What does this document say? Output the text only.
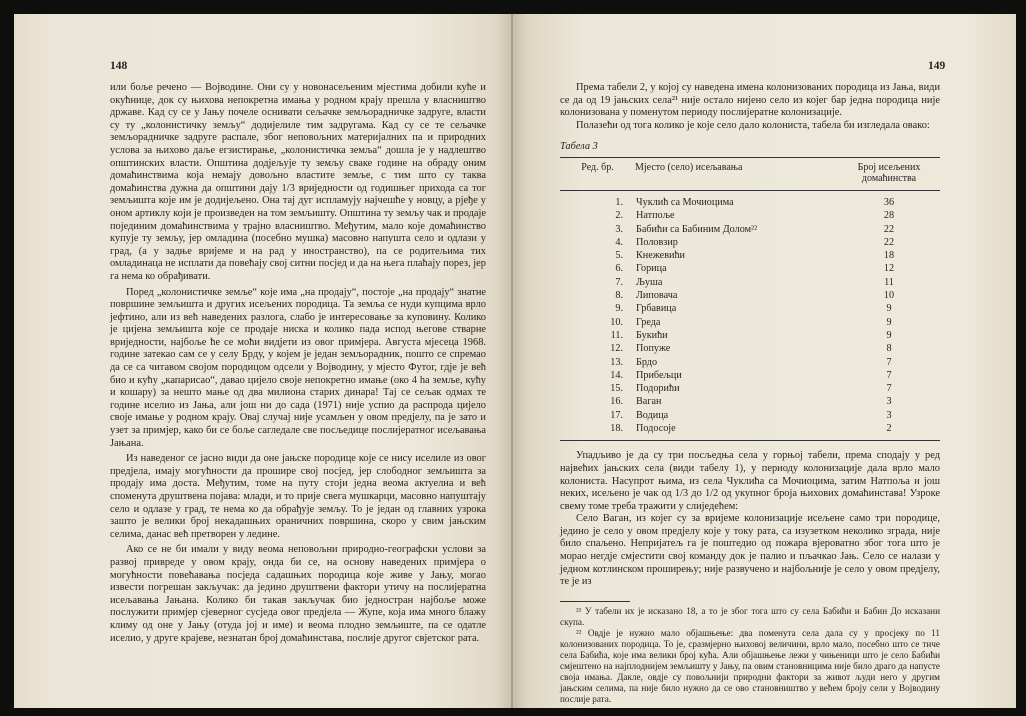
148

или боље речено — Војводине. Они су у новонасељеним мјестима добили куће и окућнице, док су њихова непокретна имања у родном крају прешла у власништво државе. Кад су се у Јању почеле оснивати сељачке земљорадничке задруге, власти су ту „колонистичку земљу“ додијелиле тим задругама. Кад су се те сељачке земљорадничке задруге распале, због неповољних материјалних па и природних услова за њихово даље егзистирање, „колонистичка земља“ дошла је у надлештво општинских власти. Општина додјељује ту земљу сваке године на обраду оним домаћинствима која немају довољно властите земље, с тим што су таква домаћинства дужна да општини дају 1/3 вриједности од годишњег прихода са тог земљишта које им је додијељено. Она тај дуг испламују најчешће у новцу, а рјеђе у оном артиклу који је произведен на том земљишту. Општина ту земљу чак и продаје појединим домаћинствима у трајно власништво. Међутим, мало које домаћинство купује ту земљу, јер омладина (посебно мушка) масовно напушта село и одлази у град, (а у задње вријеме и на рад у иностранство), па се родитељима тих омладинаца не исплати да повећају свој ситни посјед и да на њега плаћају порез, јер га нема ко обрађивати.

Поред „колонистичке земље“ које има „на продају“, постоје „на продају“ знатне површине земљишта и других исељених породица. Та земља се нуди купцима врло јефтино, али из већ наведених разлога, слабо је интересовање за куповину. Колико је цијена земљишта које се продаје ниска и колико пада испод његове стварне вриједности, најбоље ће се моћи видјети из овог примјера. Августа мјесеца 1968. године затекао сам се у селу Брду, у којем је један земљорадник, пошто се спремао да се са читавом својом породицом одсели у Војводину, у мјесто Футог, гдје је већ био и кућу „капарисао“, давао цијело своје непокретно имање (око 4 ha земље, кућу и кошару) за нешто мање од два милиона старих динара! Тај се сељак одмах те године иселио из Јања, али још ни до сада (1971) није успио да распрода цијело своје имање у родном крају. Овај случај није усамљен у овом предјелу, па је зато и узет за примјер, како би се боље сагледале све посљедице послијератног исељавања Јањана.

Из наведеног се јасно види да оне јањске породице које се нису иселиле из овог предјела, имају могућности да прошире свој посјед, јер слободног земљишта за продају има доста. Међутим, томе на путу стоји једна веома актуелна и већ споменута друштвена појава: млади, и то прије свега мушкарци, масовно напуштају село и одлазе у град, те нема ко да обрађује земљу. То је један од главних узрока зашто је велики број некадашњих ораничних површина, скоро у свим јањским селима, данас већ претворен у ледине.

Ако се не би имали у виду веома неповољни природно-географски услови за развој привреде у овом крају, онда би се, на основу наведених примјера о могућности повећавања посједа садашњих породица које живе у Јању, могао извести погрешан закључак: да једино друштвени фактори утичу на послијератна исељавања Јањана. Колико би такав закључак био једностран најбоље може послужити примјер сјеверног сусједа овог предјела — Жупе, која има много блажу климу од оне у Јању (отуда јој и име) и веома плодно земљиште, па се одатле иселио, у друге крајеве, незнатан број домаћинстава, послије другог свјетског рата.

149

Према табели 2, у којој су наведена имена колонизованих породица из Јања, види се да од 19 јањских села²¹ није остало нијено село из којег бар једна породица није колонизована у поменутом периоду послијератне колонизације.

Полазећи од тога колико је које село дало колониста, табела би изгледала овако:

Табела 3

Ред. бр.	Мјесто (село) исељавања	Број исељених домаћинства
1.	Чуклић са Мочиоцима	36
2.	Натпоље	28
3.	Бабићи са Бабиним Долом²²	22
4.	Половзир	22
5.	Кнежевићи	18
6.	Горица	12
7.	Љуша	11
8.	Липовача	10
9.	Грбавица	9
10.	Греда	9
11.	Букићи	9
12.	Попуже	8
13.	Брдо	7
14.	Прибељци	7
15.	Подорићи	7
16.	Ваган	3
17.	Водица	3
18.	Подосоје	2

Упадљиво је да су три посљедња села у горњој табели, према сподају у ред највећих јањских села (види табелу 1), у периоду колонизације дала врло мало колониста. Насупрот њима, из села Чуклића са Мочиоцима, затим Натпоља и још неких, исељено је чак од 1/3 до 1/2 од укупног броја њихових домаћинстава! Узроке свему томе треба тражити у слиједећем:

Село Ваган, из којег су за вријеме колонизације исељене само три породице, једино је село у овом предјелу које у току рата, са изузетком неколико зграда, није било спаљено. Непријатељ га је поштедио од пожара вјероватно због тога што је морао негдје смјестити свој команду док је палио и пљачкао Јањ. Село се налази у једном котлинском проширењу; није развучено и најбољније је село у овом предјелу, те је из

²¹ У табели их је исказано 18, а то је због тога што су села Бабићи и Бабин До исказани скупа.

²² Овдје је нужно мало објашњење: два поменута села дала су у просјеку по 11 колонизованих породица. То је, сразмјерно њиховој величини, врло мало, посебно што се тиче села Бабића, које има велики број кућа. Али објашњење лежи у чињеници што је село Бабићи смјештено на најплоднијем земљишту у Јању, па овим становницима није било драго да напусте своја имања. Дакле, овдје су повољнији природни фактори за живот људи него у другим јањским селима, па није било нужно да се ово становништво у већем броју сели у Војводину послије рата.
